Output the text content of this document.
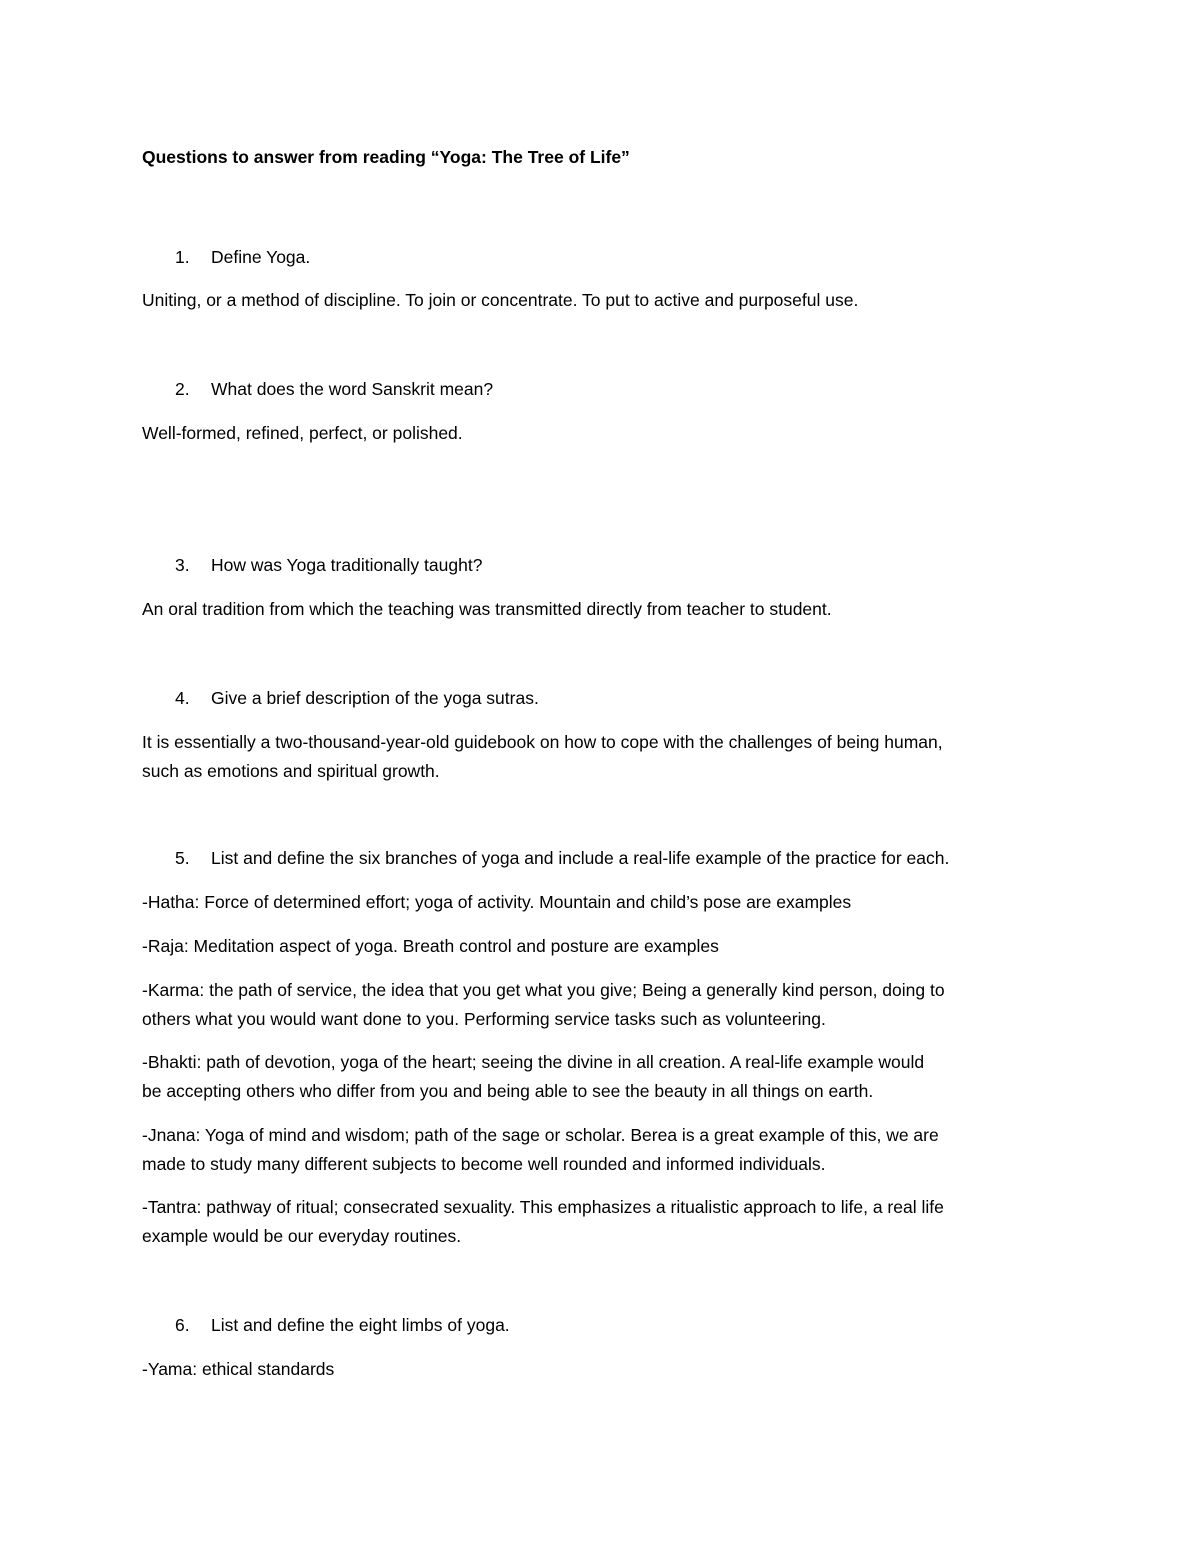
Questions to answer from reading “Yoga: The Tree of Life”

1. Define Yoga.

Uniting, or a method of discipline. To join or concentrate. To put to active and purposeful use.

2. What does the word Sanskrit mean?

Well-formed, refined, perfect, or polished.

3. How was Yoga traditionally taught?

An oral tradition from which the teaching was transmitted directly from teacher to student.

4. Give a brief description of the yoga sutras.

It is essentially a two-thousand-year-old guidebook on how to cope with the challenges of being human,

such as emotions and spiritual growth.

5. List and define the six branches of yoga and include a real-life example of the practice for each.

-Hatha: Force of determined effort; yoga of activity. Mountain and child’s pose are examples

-Raja: Meditation aspect of yoga. Breath control and posture are examples

-Karma: the path of service, the idea that you get what you give; Being a generally kind person, doing to

others what you would want done to you. Performing service tasks such as volunteering.

-Bhakti: path of devotion, yoga of the heart; seeing the divine in all creation. A real-life example would

be accepting others who differ from you and being able to see the beauty in all things on earth.

-Jnana: Yoga of mind and wisdom; path of the sage or scholar. Berea is a great example of this, we are

made to study many different subjects to become well rounded and informed individuals.

-Tantra: pathway of ritual; consecrated sexuality. This emphasizes a ritualistic approach to life, a real life

example would be our everyday routines.

6. List and define the eight limbs of yoga.

-Yama: ethical standards
